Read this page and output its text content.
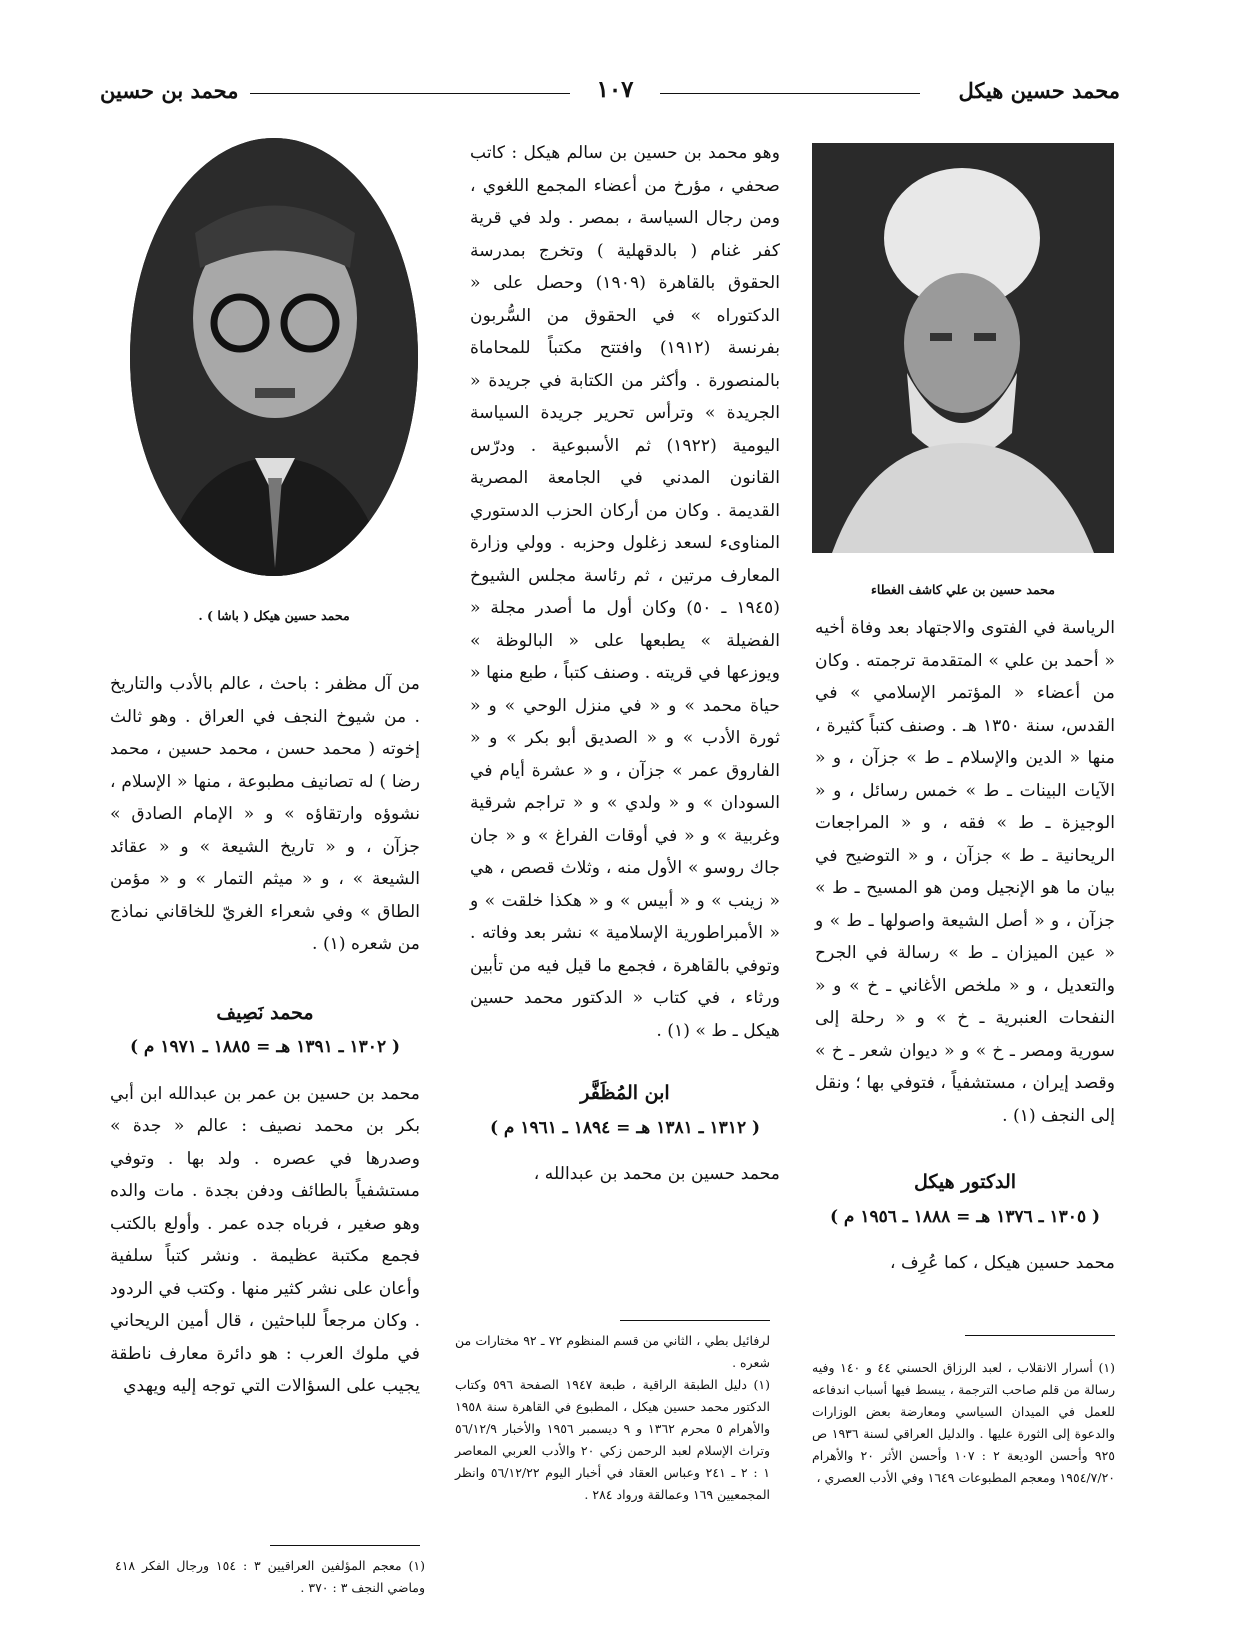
محمد حسين هيكل
١٠٧
محمد بن حسين
محمد حسين بن علي كاشف الغطاء
محمد حسين هيكل ( باشا ) .

الرياسة في الفتوى والاجتهاد بعد وفاة أخيه « أحمد بن علي » المتقدمة ترجمته . وكان من أعضاء « المؤتمر الإسلامي » في القدس، سنة ١٣٥٠ هـ . وصنف كتباً كثيرة ، منها « الدين والإسلام ـ ط » جزآن ، و « الآيات البينات ـ ط » خمس رسائل ، و « الوجيزة ـ ط » فقه ، و « المراجعات الريحانية ـ ط » جزآن ، و « التوضيح في بيان ما هو الإنجيل ومن هو المسيح ـ ط » جزآن ، و « أصل الشيعة واصولها ـ ط » و « عين الميزان ـ ط » رسالة في الجرح والتعديل ، و « ملخص الأغاني ـ خ » و « النفحات العنبرية ـ خ » و « رحلة إلى سورية ومصر ـ خ » و « ديوان شعر ـ خ » وقصد إيران ، مستشفياً ، فتوفي بها ؛ ونقل إلى النجف (١) .

الدكتور هيكل
( ١٣٠٥ ـ ١٣٧٦ هـ = ١٨٨٨ ـ ١٩٥٦ م )

محمد حسين هيكل ، كما عُرِف ،

(١) أسرار الانقلاب ، لعبد الرزاق الحسني ٤٤ و ١٤٠ وفيه رسالة من قلم صاحب الترجمة ، يبسط فيها أسباب اندفاعه للعمل في الميدان السياسي ومعارضة بعض الوزارات والدعوة إلى الثورة عليها . والدليل العراقي لسنة ١٩٣٦ ص ٩٢٥ وأحسن الوديعة ٢ : ١٠٧ وأحسن الأثر ٢٠ والأهرام ١٩٥٤/٧/٢٠ ومعجم المطبوعات ١٦٤٩ وفي الأدب العصري ،

وهو محمد بن حسين بن سالم هيكل : كاتب صحفي ، مؤرخ من أعضاء المجمع اللغوي ، ومن رجال السياسة ، بمصر . ولد في قرية كفر غنام ( بالدقهلية ) وتخرج بمدرسة الحقوق بالقاهرة (١٩٠٩) وحصل على « الدكتوراه » في الحقوق من السُّربون بفرنسة (١٩١٢) وافتتح مكتباً للمحاماة بالمنصورة . وأكثر من الكتابة في جريدة « الجريدة » وترأس تحرير جريدة السياسة اليومية (١٩٢٢) ثم الأسبوعية . ودرّس القانون المدني في الجامعة المصرية القديمة . وكان من أركان الحزب الدستوري المناوىء لسعد زغلول وحزبه . وولي وزارة المعارف مرتين ، ثم رئاسة مجلس الشيوخ (١٩٤٥ ـ ٥٠) وكان أول ما أصدر مجلة « الفضيلة » يطبعها على « البالوظة » ويوزعها في قريته . وصنف كتباً ، طبع منها « حياة محمد » و « في منزل الوحي » و « ثورة الأدب » و « الصديق أبو بكر » و « الفاروق عمر » جزآن ، و « عشرة أيام في السودان » و « ولدي » و « تراجم شرقية وغربية » و « في أوقات الفراغ » و « جان جاك روسو » الأول منه ، وثلاث قصص ، هي « زينب » و « أبيس » و « هكذا خلقت » و « الأمبراطورية الإسلامية » نشر بعد وفاته . وتوفي بالقاهرة ، فجمع ما قيل فيه من تأبين ورثاء ، في كتاب « الدكتور محمد حسين هيكل ـ ط » (١) .

ابن المُظَفَّر
( ١٣١٢ ـ ١٣٨١ هـ = ١٨٩٤ ـ ١٩٦١ م )

محمد حسين بن محمد بن عبدالله ،

لرفائيل بطي ، الثاني من قسم المنظوم ٧٢ ـ ٩٢ مختارات من شعره .

(١) دليل الطبقة الراقية ، طبعة ١٩٤٧ الصفحة ٥٩٦ وكتاب الدكتور محمد حسين هيكل ، المطبوع في القاهرة سنة ١٩٥٨ والأهرام ٥ محرم ١٣٦٢ و ٩ ديسمبر ١٩٥٦ والأخبار ٥٦/١٢/٩ وتراث الإسلام لعبد الرحمن زكي ٢٠ والأدب العربي المعاصر ١ : ٢ ـ ٢٤١ وعباس العقاد في أخبار اليوم ٥٦/١٢/٢٢ وانظر المجمعيين ١٦٩ وعمالقة ورواد ٢٨٤ .

من آل مظفر : باحث ، عالم بالأدب والتاريخ . من شيوخ النجف في العراق . وهو ثالث إخوته ( محمد حسن ، محمد حسين ، محمد رضا ) له تصانيف مطبوعة ، منها « الإسلام ، نشوؤه وارتقاؤه » و « الإمام الصادق » جزآن ، و « تاريخ الشيعة » و « عقائد الشيعة » ، و « ميثم التمار » و « مؤمن الطاق » وفي شعراء الغريّ للخاقاني نماذج من شعره (١) .

محمد نَصِيف
( ١٣٠٢ ـ ١٣٩١ هـ = ١٨٨٥ ـ ١٩٧١ م )

محمد بن حسين بن عمر بن عبدالله ابن أبي بكر بن محمد نصيف : عالم « جدة » وصدرها في عصره . ولد بها . وتوفي مستشفياً بالطائف ودفن بجدة . مات والده وهو صغير ، فرباه جده عمر . وأولع بالكتب فجمع مكتبة عظيمة . ونشر كتباً سلفية وأعان على نشر كثير منها . وكتب في الردود . وكان مرجعاً للباحثين ، قال أمين الريحاني في ملوك العرب : هو دائرة معارف ناطقة يجيب على السؤالات التي توجه إليه ويهدي

(١) معجم المؤلفين العراقيين ٣ : ١٥٤ ورجال الفكر ٤١٨ وماضي النجف ٣ : ٣٧٠ .
